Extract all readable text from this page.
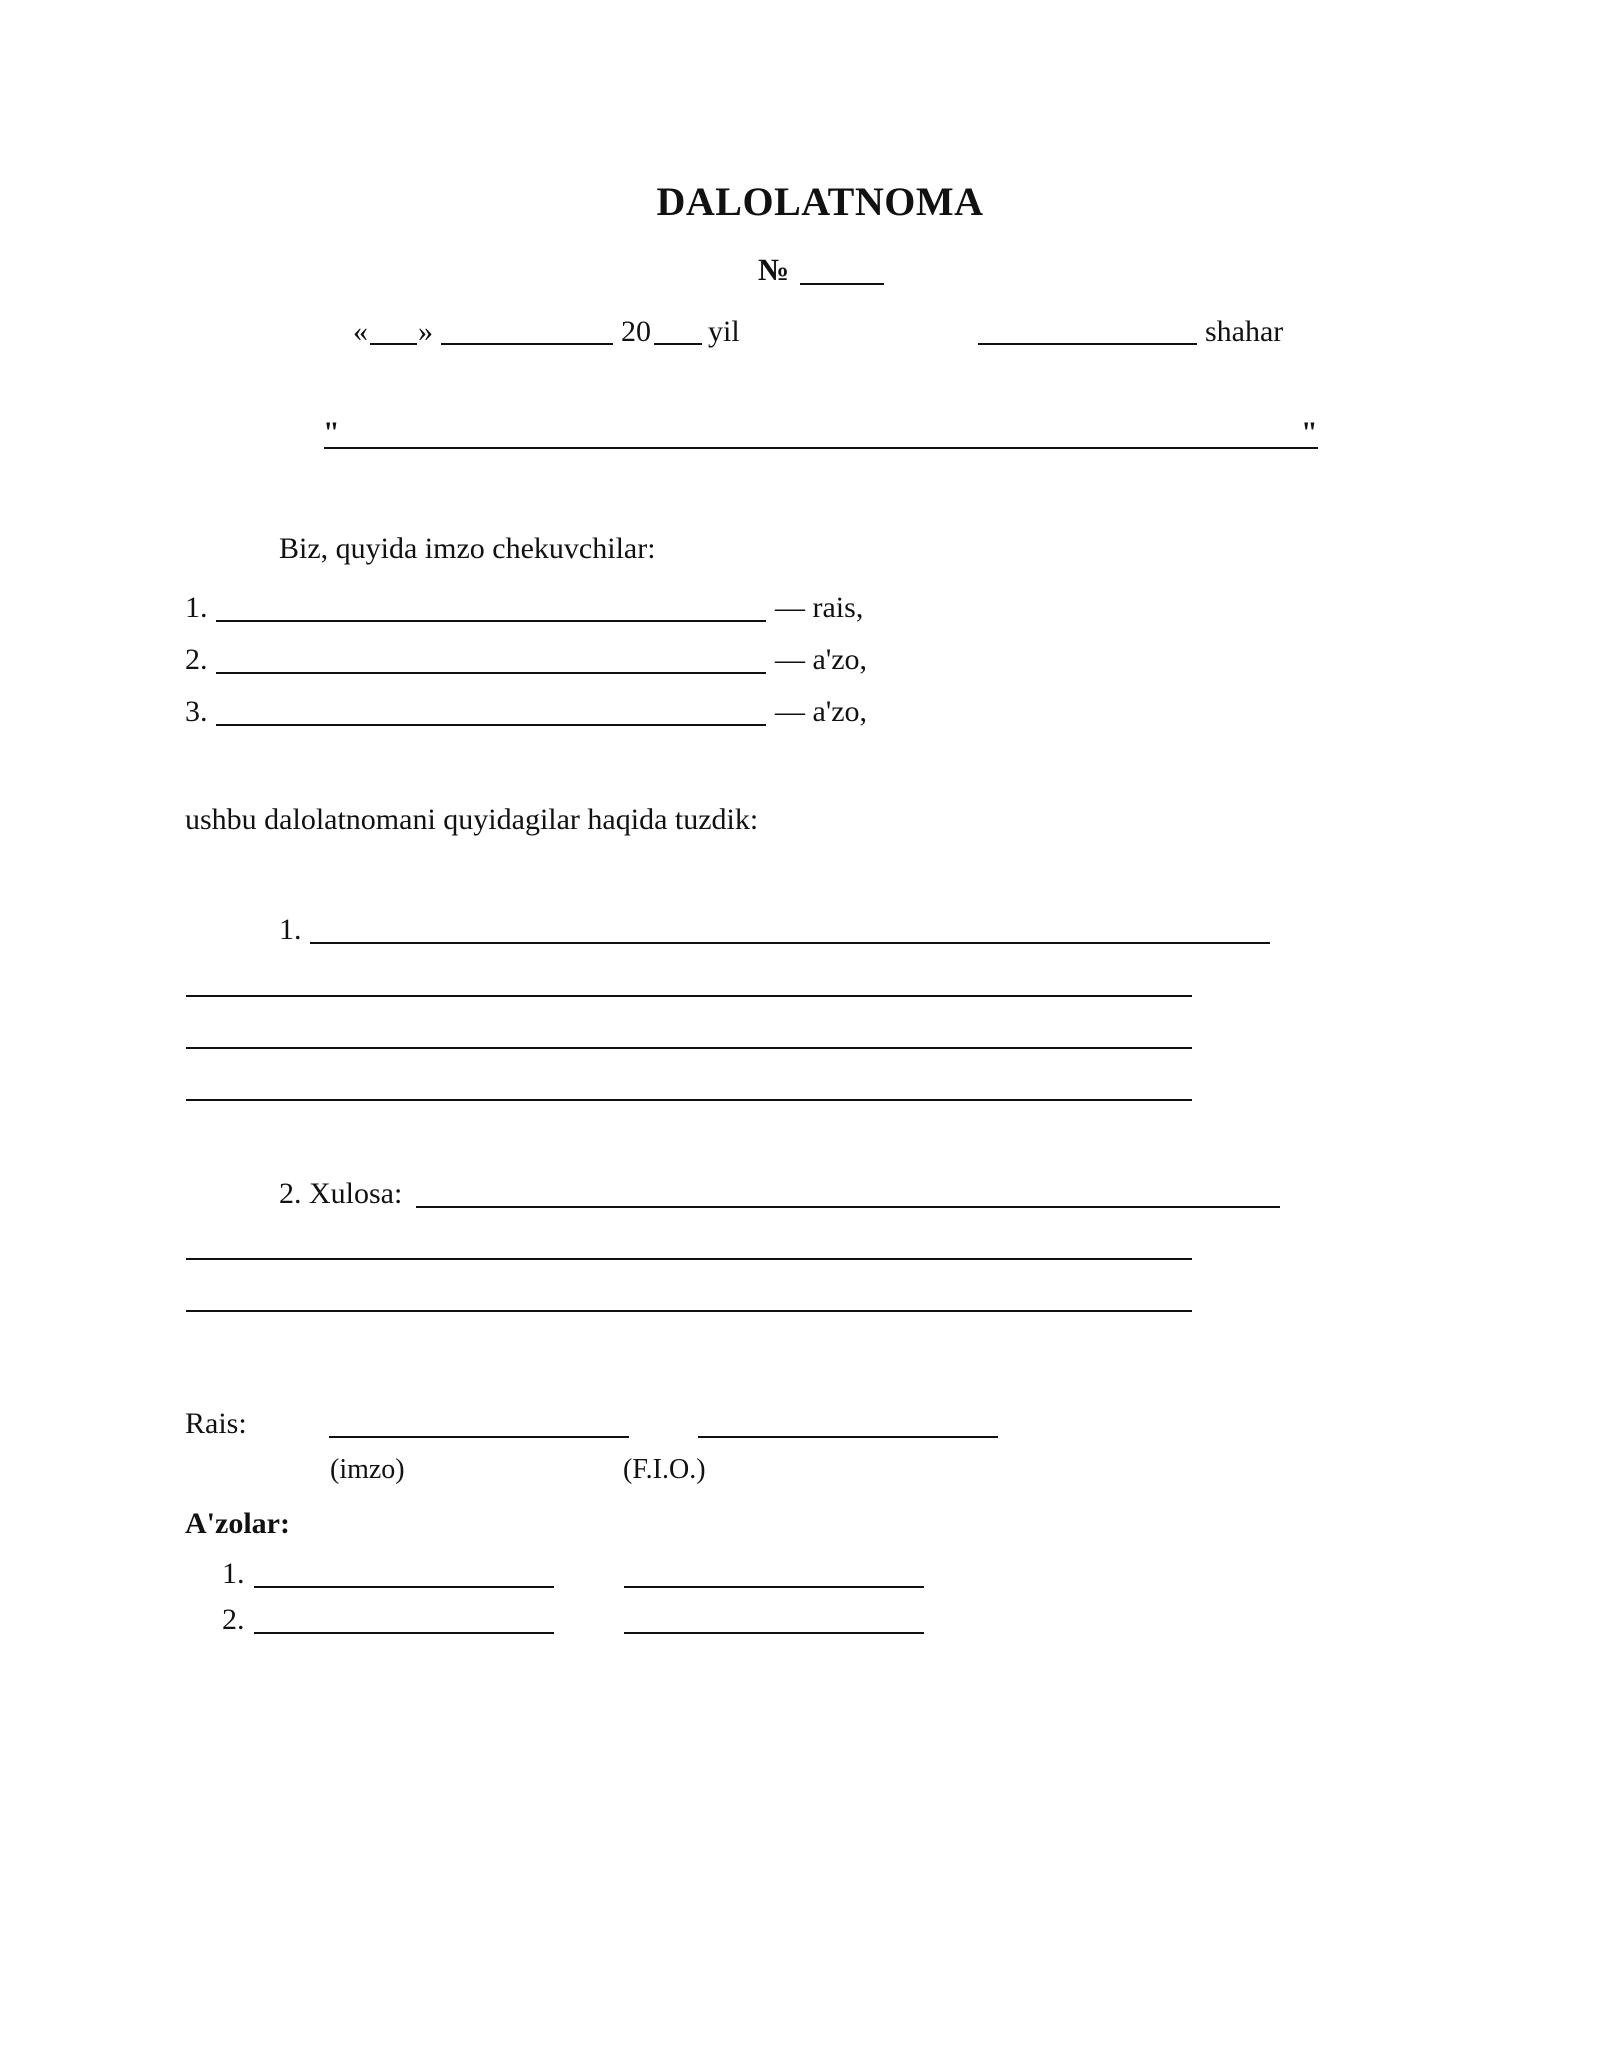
DALOLATNOMA
№
« »	20 yil	shahar
"	"
Biz, quyida imzo chekuvchilar:
1.	— rais,
2.	— a'zo,
3.	— a'zo,
ushbu dalolatnomani quyidagilar haqida tuzdik:
1.
2. Xulosa:
Rais:
(imzo)	(F.I.O.)
A'zolar:
1.
2.
